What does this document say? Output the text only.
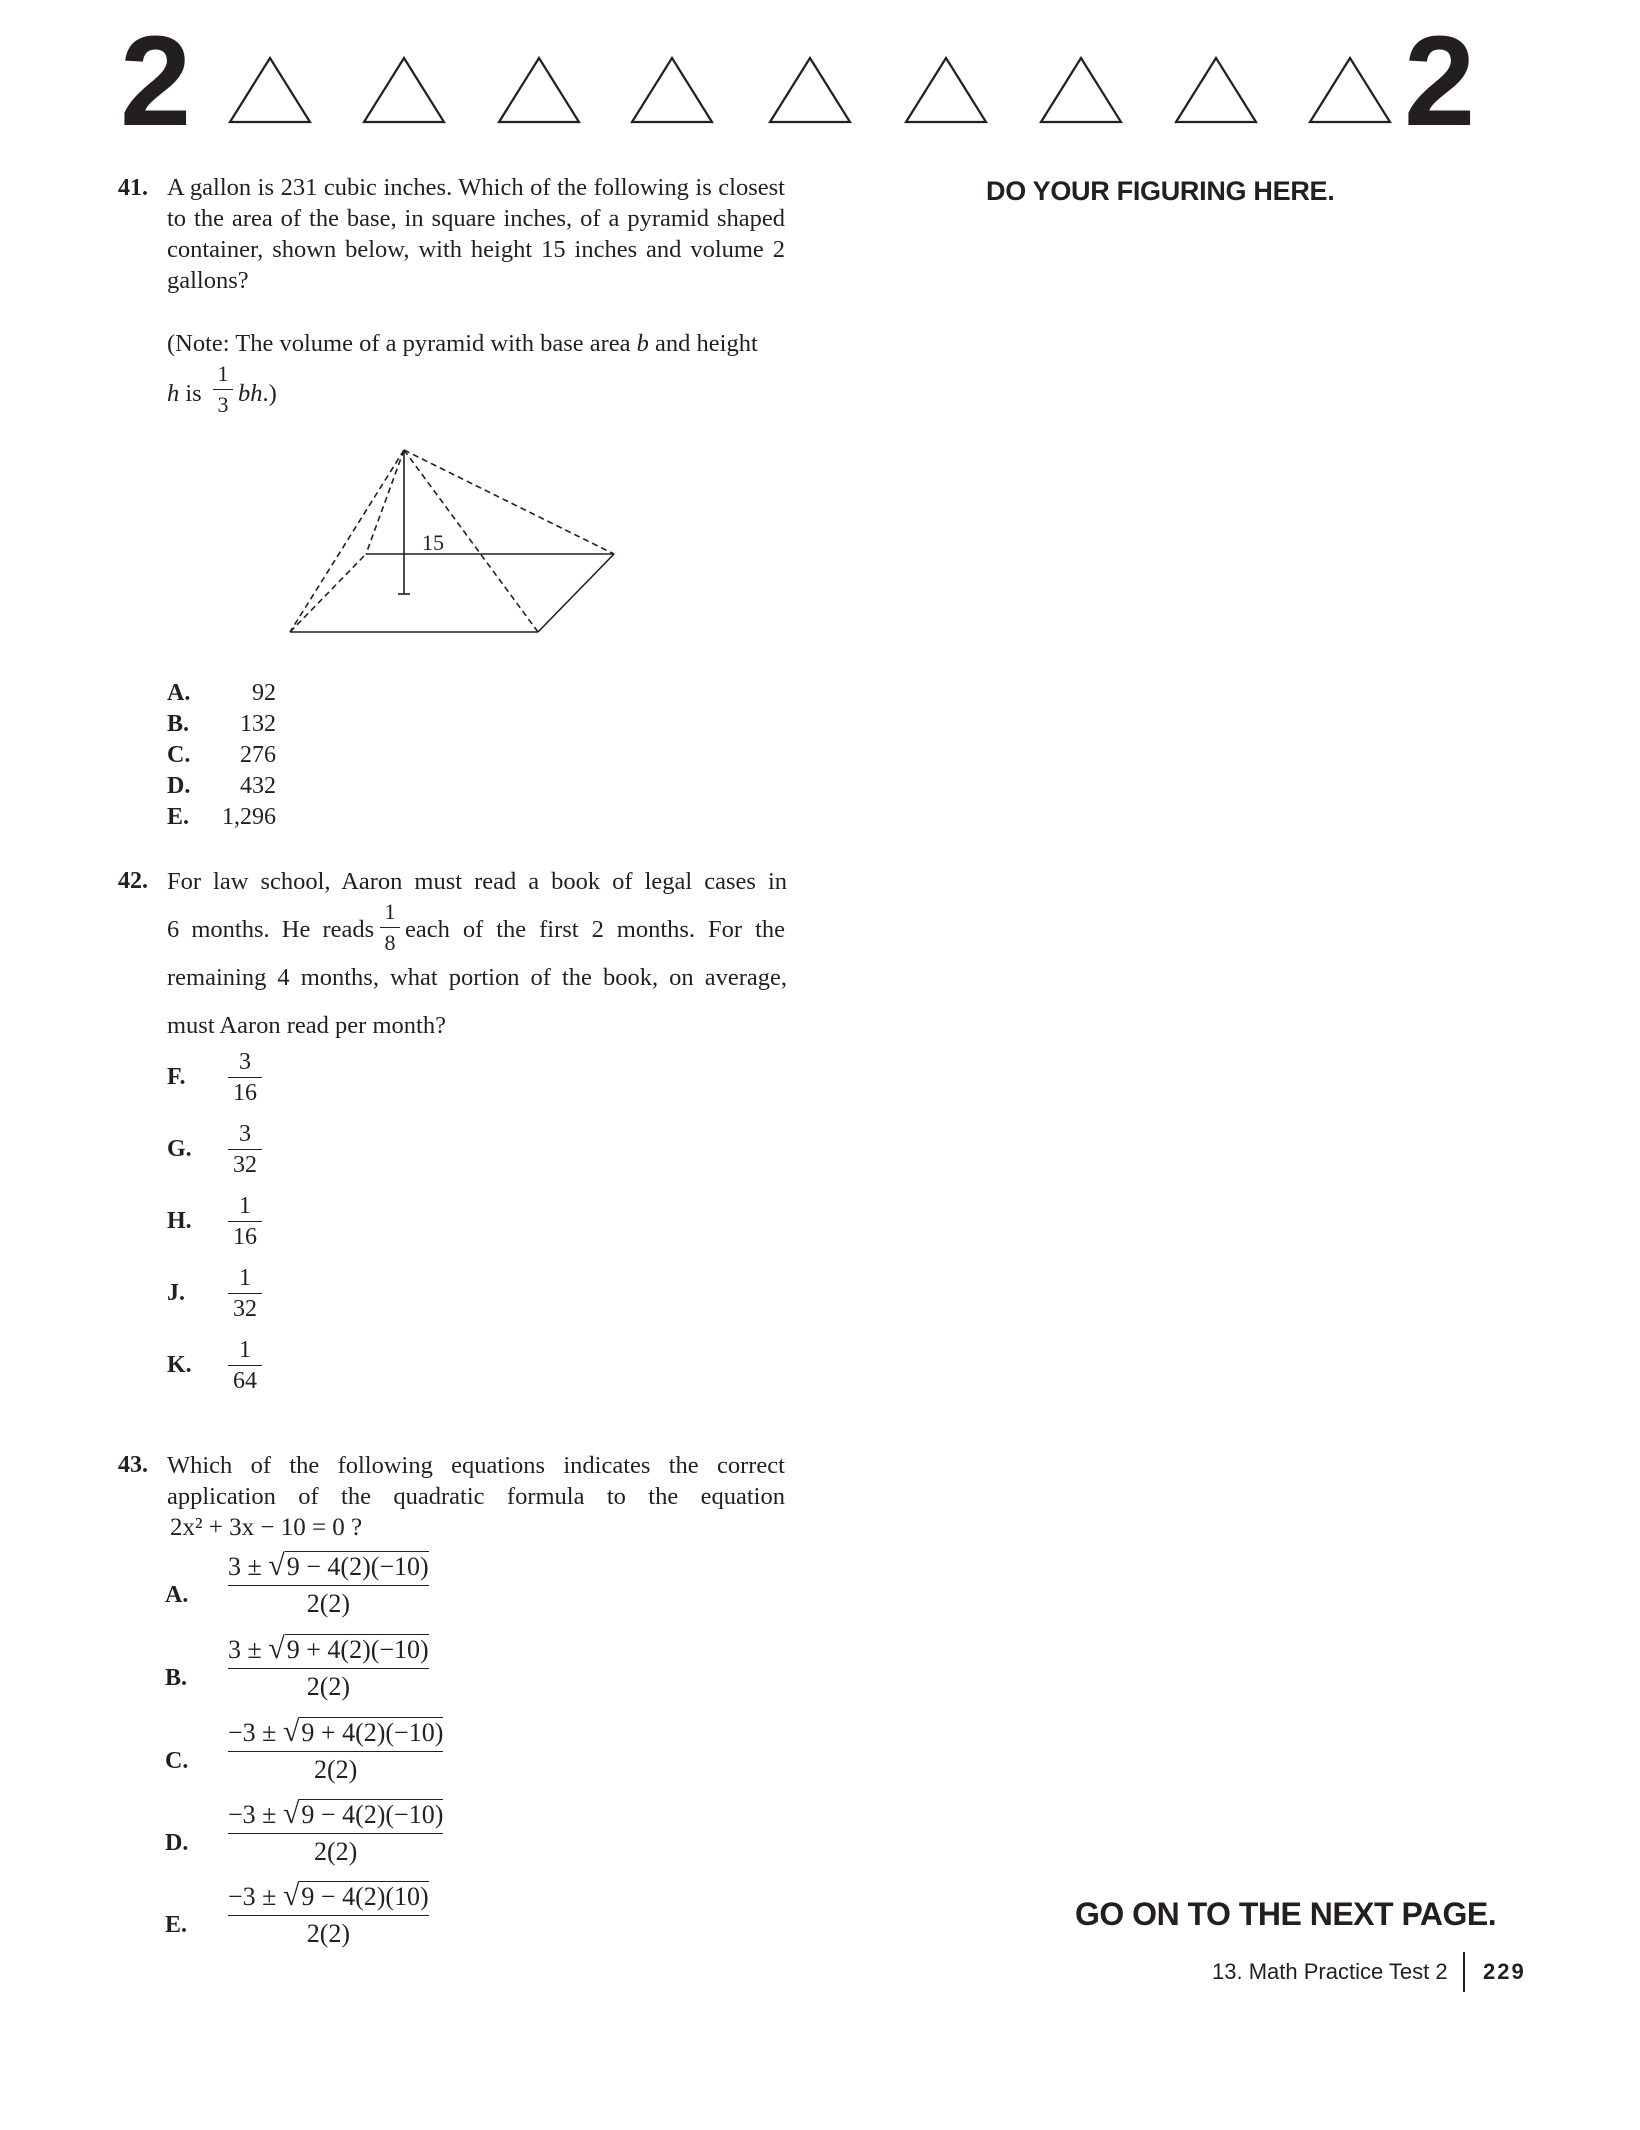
2	2
DO YOUR FIGURING HERE.
41. A gallon is 231 cubic inches. Which of the following is closest to the area of the base, in square inches, of a pyramid shaped container, shown below, with height 15 inches and volume 2 gallons?
(Note: The volume of a pyramid with base area b and height
h is
1
3 bh.)
15
A.	92
B.	132
C.	276
D.	432
E.	1,296
42. For law school, Aaron must read a book of legal cases in
6 months. He reads
1
8 each of the first 2 months. For the
remaining 4 months, what portion of the book, on average,
must Aaron read per month?
F.
3
16
G.
3
32
H.
1
16
J.
1
32
K.
1
64
43. Which of the following equations indicates the correct application of the quadratic formula to the equation
2x² + 3x − 10 = 0 ?
A.
3 ± √9 − 4(2)(−10)
2(2)
B.
3 ± √9 + 4(2)(−10)
2(2)
C.
−3 ± √9 + 4(2)(−10)
2(2)
D.
−3 ± √9 − 4(2)(−10)
2(2)
E.
−3 ± √9 − 4(2)(10)
2(2)
GO ON TO THE NEXT PAGE.
13. Math Practice Test 2 229
